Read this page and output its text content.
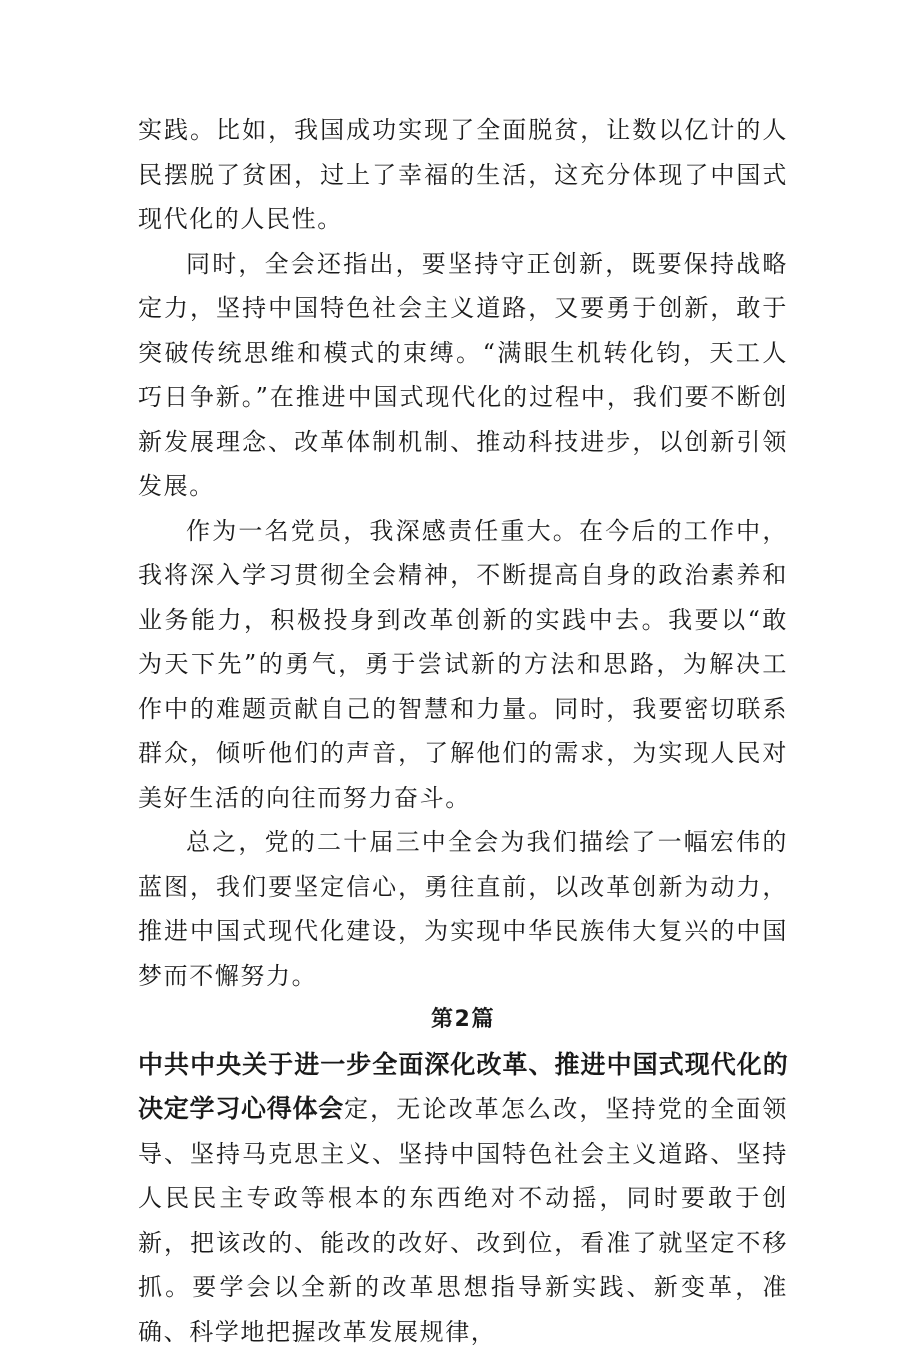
实践。比如，我国成功实现了全面脱贫，让数以亿计的人民摆脱了贫困，过上了幸福的生活，这充分体现了中国式现代化的人民性。

同时，全会还指出，要坚持守正创新，既要保持战略定力，坚持中国特色社会主义道路，又要勇于创新，敢于突破传统思维和模式的束缚。“满眼生机转化钧，天工人巧日争新。”在推进中国式现代化的过程中，我们要不断创新发展理念、改革体制机制、推动科技进步，以创新引领发展。

作为一名党员，我深感责任重大。在今后的工作中，我将深入学习贯彻全会精神，不断提高自身的政治素养和业务能力，积极投身到改革创新的实践中去。我要以“敢为天下先”的勇气，勇于尝试新的方法和思路，为解决工作中的难题贡献自己的智慧和力量。同时，我要密切联系群众，倾听他们的声音，了解他们的需求，为实现人民对美好生活的向往而努力奋斗。

总之，党的二十届三中全会为我们描绘了一幅宏伟的蓝图，我们要坚定信心，勇往直前，以改革创新为动力，推进中国式现代化建设，为实现中华民族伟大复兴的中国梦而不懈努力。

第2篇

中共中央关于进一步全面深化改革、推进中国式现代化的决定学习心得体会定，无论改革怎么改，坚持党的全面领导、坚持马克思主义、坚持中国特色社会主义道路、坚持人民民主专政等根本的东西绝对不动摇，同时要敢于创新，把该改的、能改的改好、改到位，看准了就坚定不移抓。要学会以全新的改革思想指导新实践、新变革，准确、科学地把握改革发展规律，
